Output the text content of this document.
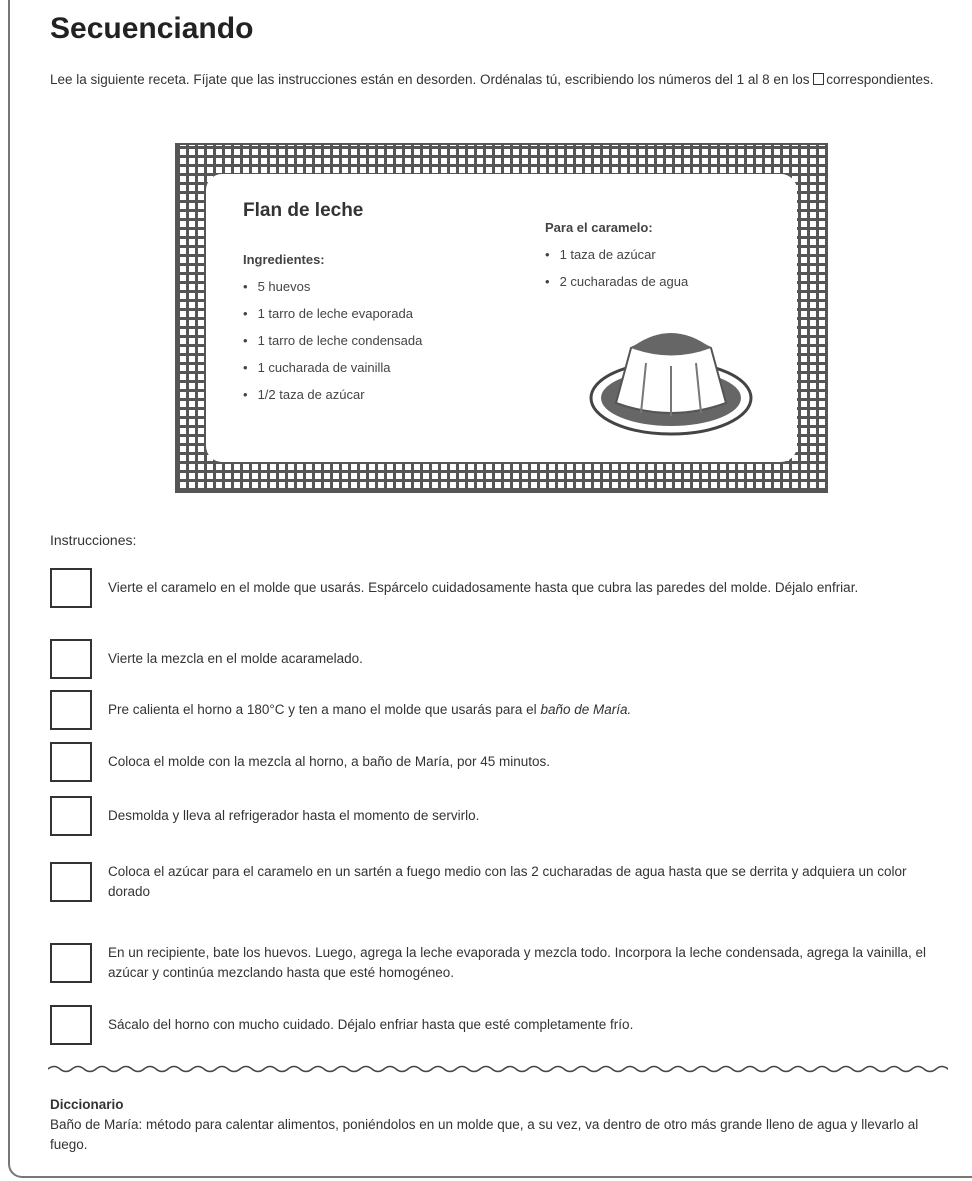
Secuenciando

Lee la siguiente receta. Fíjate que las instrucciones están en desorden. Ordénalas tú, escribiendo los números del 1 al 8 en los correspondientes.

Flan de leche
Ingredientes:
• 5 huevos
• 1 tarro de leche evaporada
• 1 tarro de leche condensada
• 1 cucharada de vainilla
• 1/2 taza de azúcar
Para el caramelo:
• 1 taza de azúcar
• 2 cucharadas de agua
Instrucciones:
Vierte el caramelo en el molde que usarás. Espárcelo cuidadosamente hasta que cubra las paredes del molde. Déjalo enfriar.
Vierte la mezcla en el molde acaramelado.
Pre calienta el horno a 180°C y ten a mano el molde que usarás para el baño de María.
Coloca el molde con la mezcla al horno, a baño de María, por 45 minutos.
Desmolda y lleva al refrigerador hasta el momento de servirlo.
Coloca el azúcar para el caramelo en un sartén a fuego medio con las 2 cucharadas de agua hasta que se derrita y adquiera un color dorado
En un recipiente, bate los huevos. Luego, agrega la leche evaporada y mezcla todo. Incorpora la leche condensada, agrega la vainilla, el azúcar y continúa mezclando hasta que esté homogéneo.
Sácalo del horno con mucho cuidado. Déjalo enfriar hasta que esté completamente frío.
Diccionario
Baño de María: método para calentar alimentos, poniéndolos en un molde que, a su vez, va dentro de otro más grande lleno de agua y llevarlo al fuego.
